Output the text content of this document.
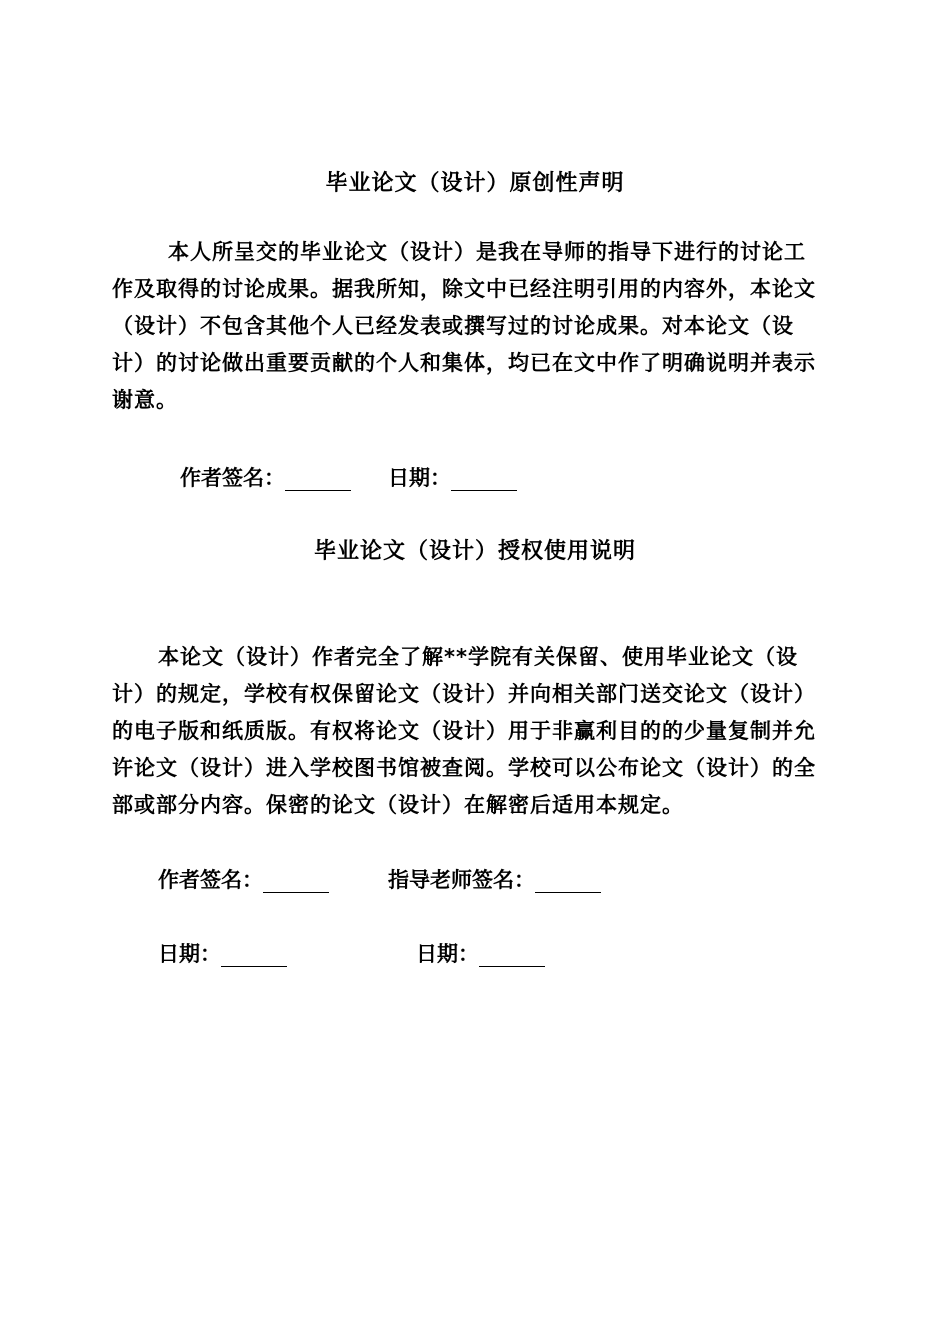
毕业论文（设计）原创性声明
本人所呈交的毕业论文（设计）是我在导师的指导下进行的讨论工
作及取得的讨论成果。据我所知，除文中已经注明引用的内容外，本论文
（设计）不包含其他个人已经发表或撰写过的讨论成果。对本论文（设
计）的讨论做出重要贡献的个人和集体，均已在文中作了明确说明并表示
谢意。
作者签名：	日期：
毕业论文（设计）授权使用说明
本论文（设计）作者完全了解**学院有关保留、使用毕业论文（设
计）的规定，学校有权保留论文（设计）并向相关部门送交论文（设计）
的电子版和纸质版。有权将论文（设计）用于非赢利目的的少量复制并允
许论文（设计）进入学校图书馆被查阅。学校可以公布论文（设计）的全
部或部分内容。保密的论文（设计）在解密后适用本规定。
作者签名：	指导老师签名：
日期：	日期：
